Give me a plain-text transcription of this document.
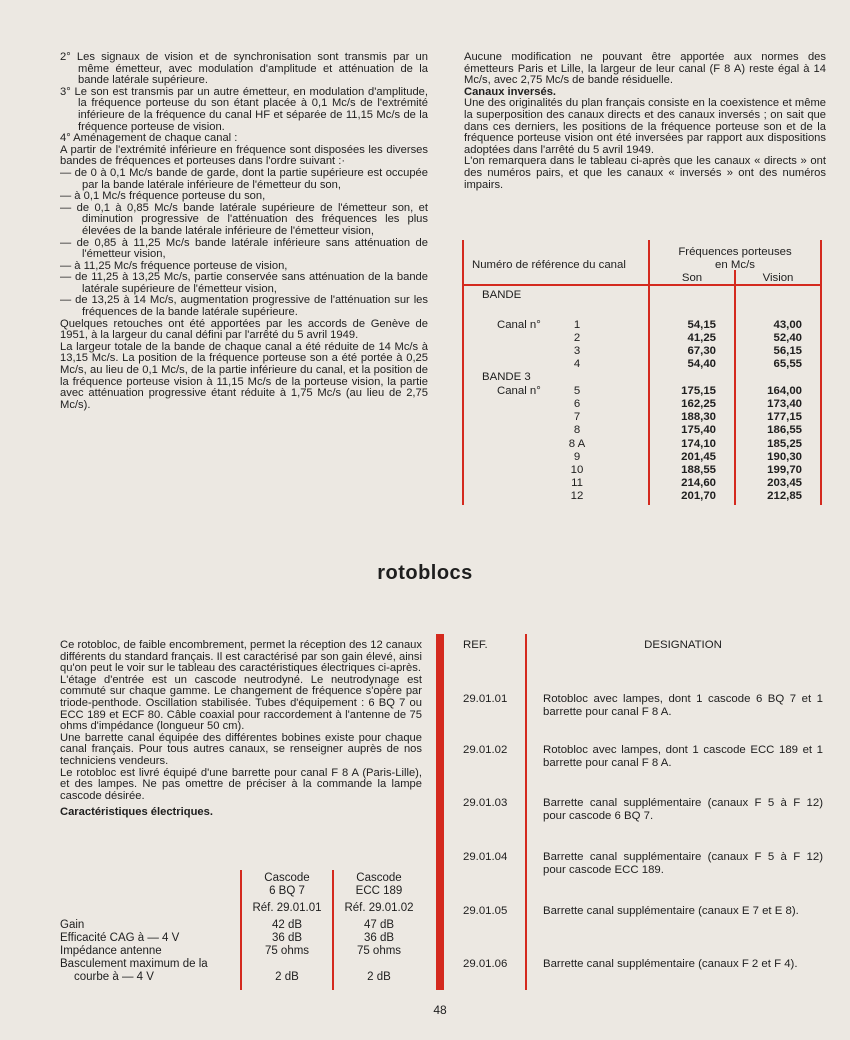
2° Les signaux de vision et de synchronisation sont transmis par un même émetteur, avec modulation d'amplitude et atténuation de la bande latérale supérieure.

3° Le son est transmis par un autre émetteur, en modulation d'amplitude, la fréquence porteuse du son étant placée à 0,1 Mc/s de l'extrémité inférieure de la fréquence du canal HF et séparée de 11,15 Mc/s de la fréquence porteuse de vision.

4° Aménagement de chaque canal :

A partir de l'extrémité inférieure en fréquence sont disposées les diverses bandes de fréquences et porteuses dans l'ordre suivant :·

— de 0 à 0,1 Mc/s bande de garde, dont la partie supérieure est occupée par la bande latérale inférieure de l'émetteur du son,

— à 0,1 Mc/s fréquence porteuse du son,

— de 0,1 à 0,85 Mc/s bande latérale supérieure de l'émetteur son, et diminution progressive de l'atténuation des fréquences les plus élevées de la bande latérale inférieure de l'émetteur vision,

— de 0,85 à 11,25 Mc/s bande latérale inférieure sans atténuation de l'émetteur vision,

— à 11,25 Mc/s fréquence porteuse de vision,

— de 11,25 à 13,25 Mc/s, partie conservée sans atténuation de la bande latérale supérieure de l'émetteur vision,

— de 13,25 à 14 Mc/s, augmentation progressive de l'atténuation sur les fréquences de la bande latérale supérieure.

Quelques retouches ont été apportées par les accords de Genève de 1951, à la largeur du canal défini par l'arrêté du 5 avril 1949.

La largeur totale de la bande de chaque canal a été réduite de 14 Mc/s à 13,15 Mc/s. La position de la fréquence porteuse son a été portée à 0,25 Mc/s, au lieu de 0,1 Mc/s, de la partie inférieure du canal, et la position de la fréquence porteuse vision à 11,15 Mc/s de la porteuse vision, la partie avec atténuation progressive étant réduite à 1,75 Mc/s (au lieu de 2,75 Mc/s).

Aucune modification ne pouvant être apportée aux normes des émetteurs Paris et Lille, la largeur de leur canal (F 8 A) reste égal à 14 Mc/s, avec 2,75 Mc/s de bande résiduelle.

Canaux inversés.

Une des originalités du plan français consiste en la coexistence et même la superposition des canaux directs et des canaux inversés ; on sait que dans ces derniers, les positions de la fréquence porteuse son et de la fréquence porteuse vision ont été inversées par rapport aux dispositions adoptées dans l'arrêté du 5 avril 1949.

L'on remarquera dans le tableau ci-après que les canaux « directs » ont des numéros pairs, et que les canaux « inversés » ont des numéros impairs.

Numéro de référence du canal
Fréquences porteuses
en Mc/s
Son	Vision
BANDE
BANDE 3
Canal n°
Canal n°
1	54,15	43,00
2	41,25	52,40
3	67,30	56,15
4	54,40	65,55
5	175,15	164,00
6	162,25	173,40
7	188,30	177,15
8	175,40	186,55
8 A	174,10	185,25
9	201,45	190,30
10	188,55	199,70
11	214,60	203,45
12	201,70	212,85
rotoblocs

Ce rotobloc, de faible encombrement, permet la réception des 12 canaux différents du standard français. Il est caractérisé par son gain élevé, ainsi qu'on peut le voir sur le tableau des caractéristiques électriques ci-après.

L'étage d'entrée est un cascode neutrodyné. Le neutrodynage est commuté sur chaque gamme. Le changement de fréquence s'opère par triode-penthode. Oscillation stabilisée. Tubes d'équipement : 6 BQ 7 ou ECC 189 et ECF 80. Câble coaxial pour raccordement à l'antenne de 75 ohms d'impédance (longueur 50 cm).

Une barrette canal équipée des différentes bobines existe pour chaque canal français. Pour tous autres canaux, se renseigner auprès de nos techniciens vendeurs.

Le rotobloc est livré équipé d'une barrette pour canal F 8 A (Paris-Lille), et des lampes. Ne pas omettre de préciser à la commande la lampe cascode désirée.

Caractéristiques électriques.

Cascode
6 BQ 7
Réf. 29.01.01
Cascode
ECC 189
Réf. 29.01.02
Gain	42 dB	47 dB
Efficacité CAG à — 4 V	36 dB	36 dB
Impédance antenne	75 ohms	75 ohms
Basculement maximum de la
courbe à — 4 V	2 dB	2 dB
REF.	DESIGNATION
29.01.01	Rotobloc avec lampes, dont 1 cascode 6 BQ 7 et 1 barrette pour canal F 8 A.
29.01.02	Rotobloc avec lampes, dont 1 cascode ECC 189 et 1 barrette pour canal F 8 A.
29.01.03	Barrette canal supplémentaire (canaux F 5 à F 12) pour cascode 6 BQ 7.
29.01.04	Barrette canal supplémentaire (canaux F 5 à F 12) pour cascode ECC 189.
29.01.05	Barrette canal supplémentaire (canaux E 7 et E 8).
29.01.06	Barrette canal supplémentaire (canaux F 2 et F 4).
48
